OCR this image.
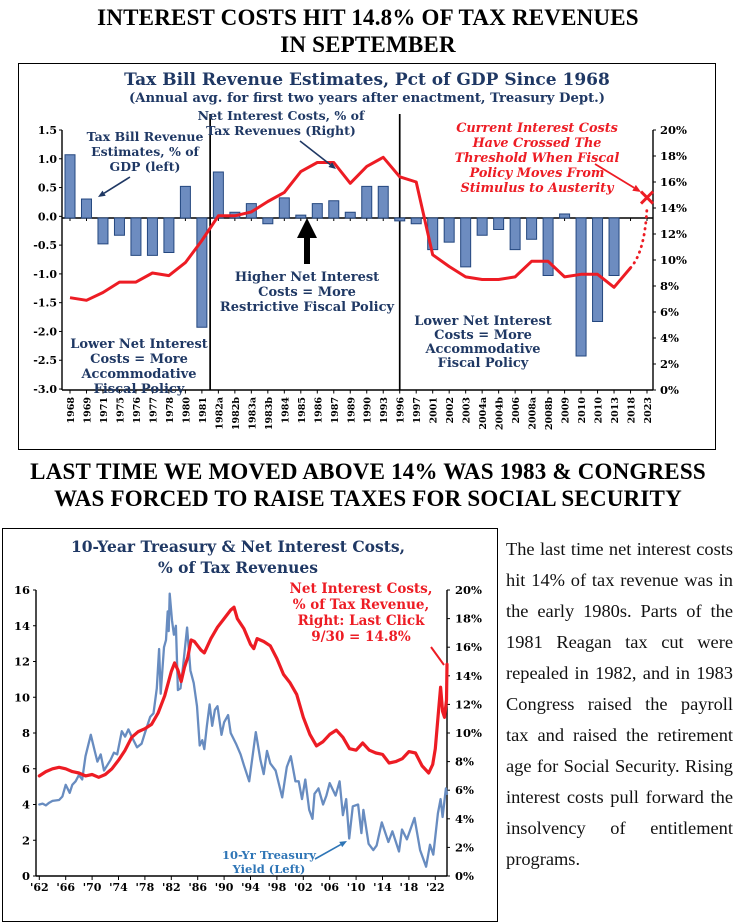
INTEREST COSTS HIT 14.8% OF TAX REVENUES
IN SEPTEMBER
Tax Bill Revenue Estimates, Pct of GDP Since 1968
(Annual avg. for first two years after enactment, Treasury Dept.)
1.5
1.0
0.5
0.0
-0.5
-1.0
-1.5
-2.0
-2.5
-3.0
20%
18%
16%
14%
12%
10%
8%
6%
4%
2%
0%
1968 1969 1971 1975 1976 1977 1978 1980 1981 1982a 1982b 1983a 1983b 1984 1985 1986 1987 1989 1990 1993 1996 1997 2001 2002 2003 2004a 2004b 2006 2008a 2008b 2009 2010 2010 2013 2018 2023
Tax Bill Revenue
Estimates, % of
GDP (left)
Net Interest Costs, % of
Tax Revenues (Right)	Current Interest Costs
Have Crossed The
Threshold When Fiscal
Policy Moves From
Stimulus to Austerity
Higher Net Interest
Costs = More
Restrictive Fiscal Policy
Lower Net Interest
Costs = More
Accommodative
Fiscal Policy
Lower Net Interest
Costs = More
Accommodative
Fiscal Policy
LAST TIME WE MOVED ABOVE 14% WAS 1983 & CONGRESS
WAS FORCED TO RAISE TAXES FOR SOCIAL SECURITY
10-Year Treasury & Net Interest Costs,
% of Tax Revenues
16
14
12
10
8
6
4
2
0
20%
18%
16%
14%
12%
10%
8%
6%
4%
2%
0%
'62 '66 '70 '74 '78 '82 '86 '90 '94 '98 '02 '06 '10 '14 '18 '22
Net Interest Costs,
% of Tax Revenue,
Right: Last Click
9/30 = 14.8%
10-Yr Treasury
Yield (Left)
The last time net interest costs hit 14% of tax revenue was in the early 1980s. Parts of the 1981 Reagan tax cut were repealed in 1982, and in 1983 Congress raised the payroll tax and raised the retirement age for Social Security. Rising interest costs pull forward the insolvency of entitlement programs.
